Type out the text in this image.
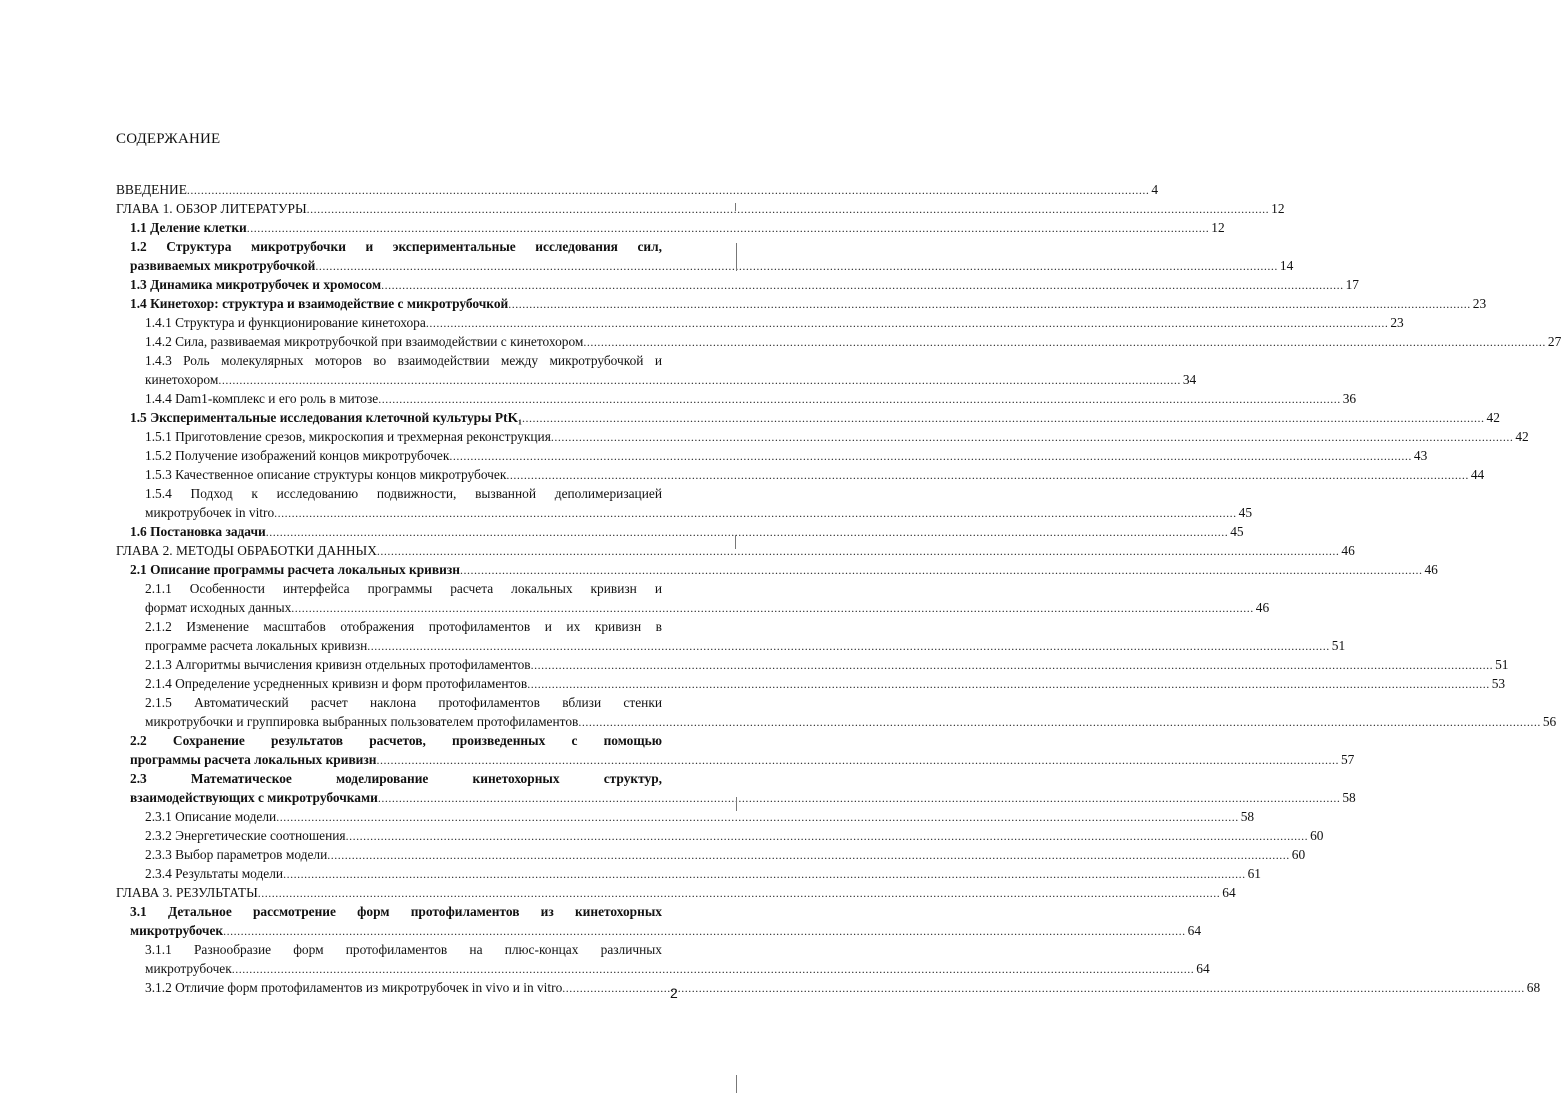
СОДЕРЖАНИЕ
ВВЕДЕНИЕ .....	4
ГЛАВА 1. ОБЗОР ЛИТЕРАТУРЫ .....	12
1.1 Деление клетки .....	12
1.2 Структура микротрубочки и экспериментальные исследования сил,
развиваемых микротрубочкой .....	14
1.3 Динамика микротрубочек и хромосом .....	17
1.4 Кинетохор: структура и взаимодействие с микротрубочкой .....	23
1.4.1 Структура и функционирование кинетохора .....	23
1.4.2 Сила, развиваемая микротрубочкой при взаимодействии с кинетохором .....	27
1.4.3 Роль молекулярных моторов во взаимодействии между микротрубочкой и
кинетохором .....	34
1.4.4 Dam1-комплекс и его роль в митозе .....	36
1.5 Экспериментальные исследования клеточной культуры PtK₁ .....	42
1.5.1 Приготовление срезов, микроскопия и трехмерная реконструкция .....	42
1.5.2 Получение изображений концов микротрубочек .....	43
1.5.3 Качественное описание структуры концов микротрубочек .....	44
1.5.4 Подход к исследованию подвижности, вызванной деполимеризацией
микротрубочек in vitro .....	45
1.6 Постановка задачи .....	45
ГЛАВА 2. МЕТОДЫ ОБРАБОТКИ ДАННЫХ .....	46
2.1 Описание программы расчета локальных кривизн .....	46
2.1.1 Особенности интерфейса программы расчета локальных кривизн и
формат исходных данных .....	46
2.1.2 Изменение масштабов отображения протофиламентов и их кривизн в
программе расчета локальных кривизн .....	51
2.1.3 Алгоритмы вычисления кривизн отдельных протофиламентов .....	51
2.1.4 Определение усредненных кривизн и форм протофиламентов .....	53
2.1.5 Автоматический расчет наклона протофиламентов вблизи стенки
микротрубочки и группировка выбранных пользователем протофиламентов .....	56
2.2 Сохранение результатов расчетов, произведенных с помощью
программы расчета локальных кривизн .....	57
2.3 Математическое моделирование кинетохорных структур,
взаимодействующих с микротрубочками .....	58
2.3.1 Описание модели .....	58
2.3.2 Энергетические соотношения .....	60
2.3.3 Выбор параметров модели .....	60
2.3.4 Результаты модели .....	61
ГЛАВА 3. РЕЗУЛЬТАТЫ .....	64
3.1 Детальное рассмотрение форм протофиламентов из кинетохорных
микротрубочек .....	64
3.1.1 Разнообразие форм протофиламентов на плюс-концах различных
микротрубочек .....	64
3.1.2 Отличие форм протофиламентов из микротрубочек in vivo и in vitro .....	68
2
